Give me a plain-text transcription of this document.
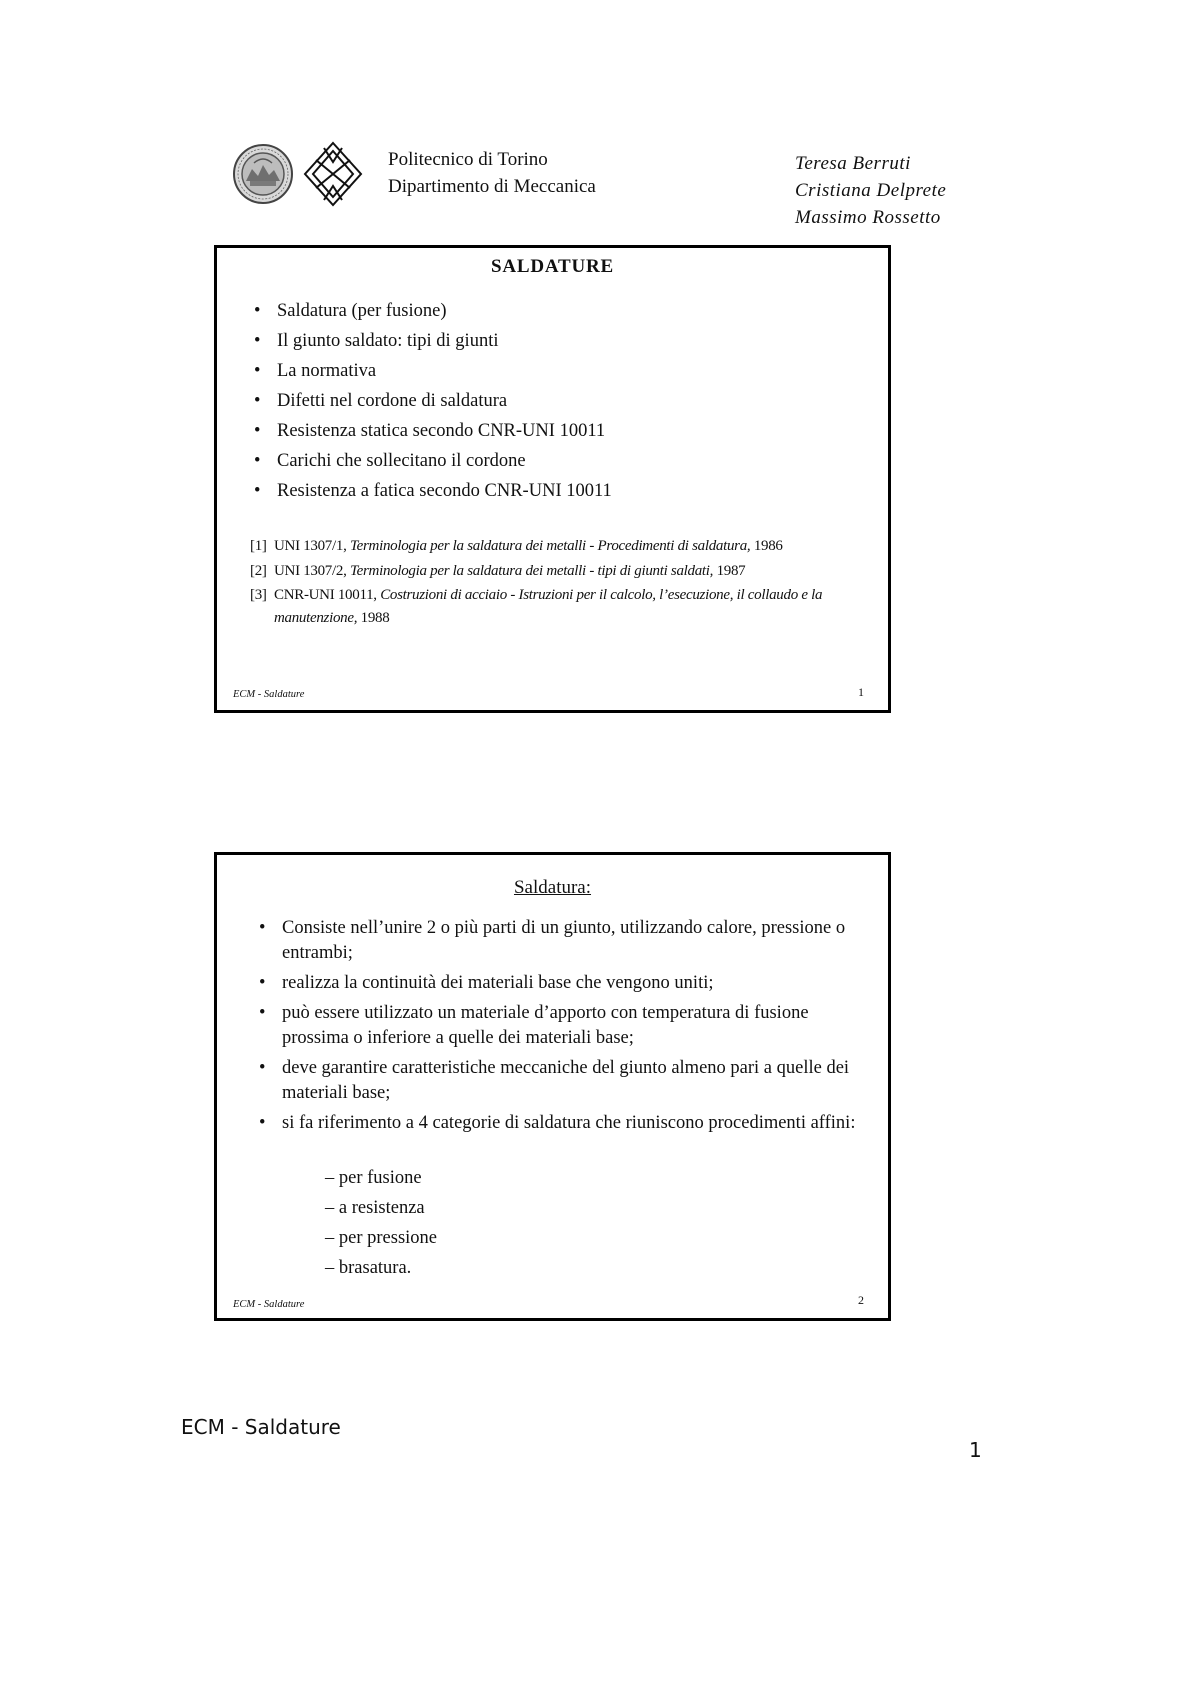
Politecnico di Torino
Dipartimento di Meccanica
Teresa Berruti
Cristiana Delprete
Massimo Rossetto
SALDATURE
• Saldatura (per fusione)
• Il giunto saldato: tipi di giunti
• La normativa
• Difetti nel cordone di saldatura
• Resistenza statica secondo CNR-UNI 10011
• Carichi che sollecitano il cordone
• Resistenza a fatica secondo CNR-UNI 10011
[1] UNI 1307/1, Terminologia per la saldatura dei metalli - Procedimenti di saldatura, 1986
[2] UNI 1307/2, Terminologia per la saldatura dei metalli - tipi di giunti saldati, 1987
[3] CNR-UNI 10011, Costruzioni di acciaio - Istruzioni per il calcolo, l’esecuzione, il collaudo e la manutenzione, 1988
ECM - Saldature	1
Saldatura:
• Consiste nell’unire 2 o più parti di un giunto, utilizzando calore, pressione o entrambi;
• realizza la continuità dei materiali base che vengono uniti;
• può essere utilizzato un materiale d’apporto con temperatura di fusione prossima o inferiore a quelle dei materiali base;
• deve garantire caratteristiche meccaniche del giunto almeno pari a quelle dei materiali base;
• si fa riferimento a 4 categorie di saldatura che riuniscono procedimenti affini:
– per fusione
– a resistenza
– per pressione
– brasatura.
ECM - Saldature	2
ECM - Saldature
1
